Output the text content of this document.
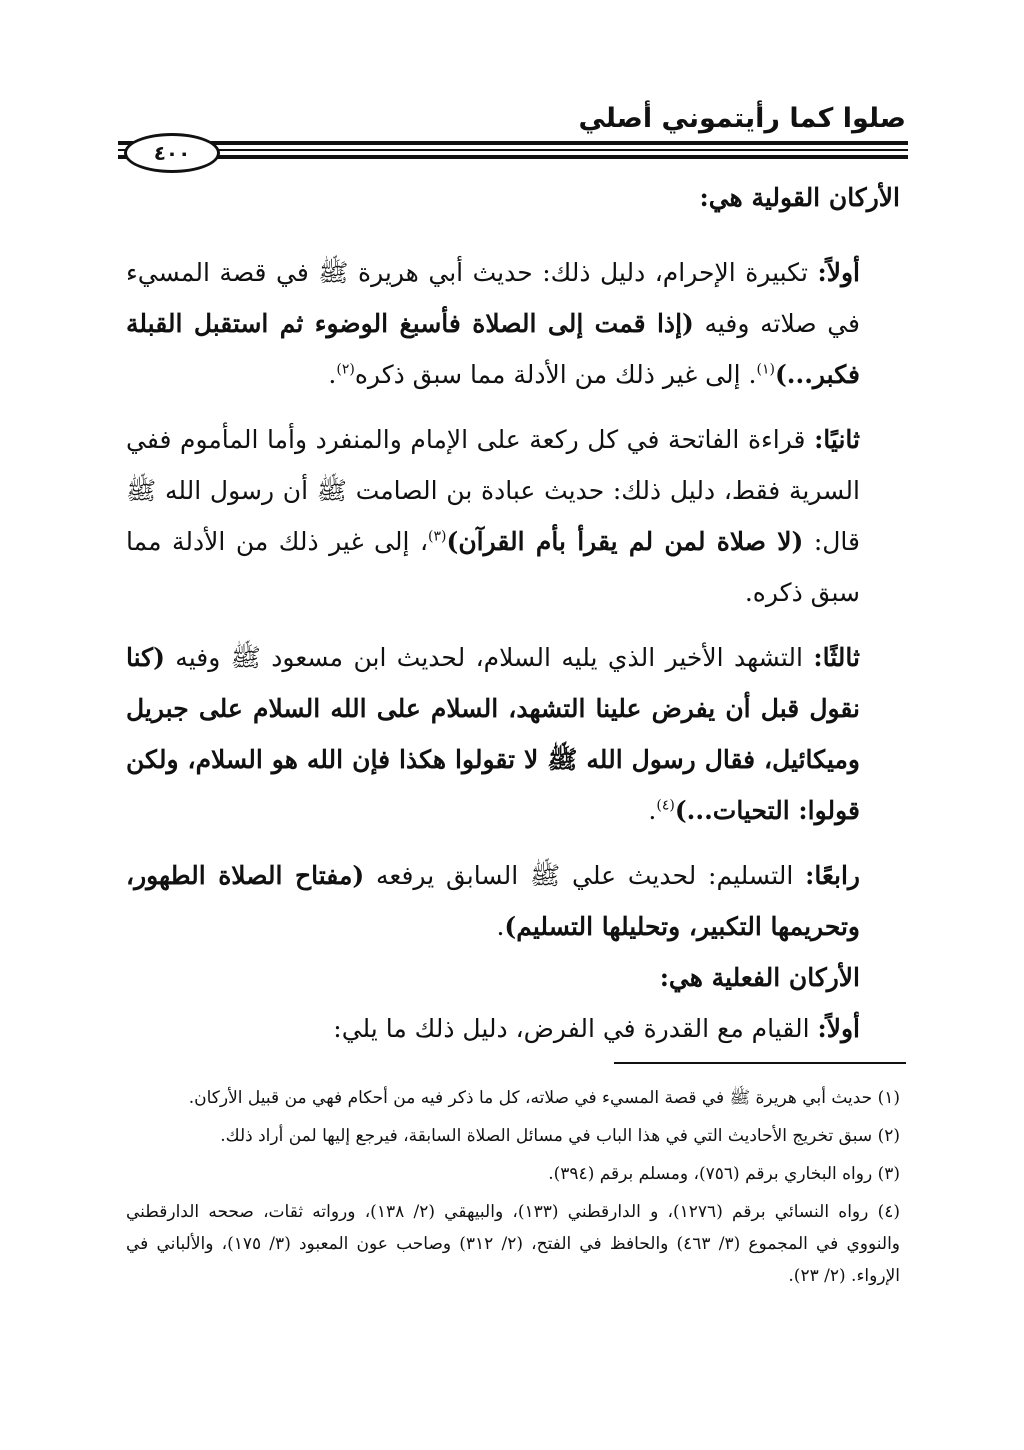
صلوا كما رأيتموني أصلي
٤٠٠

الأركان القولية هي:

أولاً: تكبيرة الإحرام، دليل ذلك: حديث أبي هريرة ﷺ في قصة المسيء في صلاته وفيه (إذا قمت إلى الصلاة فأسبغ الوضوء ثم استقبل القبلة فكبر...)$^{(١)}$. إلى غير ذلك من الأدلة مما سبق ذكره$^{(٢)}$.

ثانيًا: قراءة الفاتحة في كل ركعة على الإمام والمنفرد وأما المأموم ففي السرية فقط، دليل ذلك: حديث عبادة بن الصامت ﷺ أن رسول الله ﷺ قال: (لا صلاة لمن لم يقرأ بأم القرآن)$^{(٣)}$، إلى غير ذلك من الأدلة مما سبق ذكره.

ثالثًا: التشهد الأخير الذي يليه السلام، لحديث ابن مسعود ﷺ وفيه (كنا نقول قبل أن يفرض علينا التشهد، السلام على الله السلام على جبريل وميكائيل، فقال رسول الله ﷺ لا تقولوا هكذا فإن الله هو السلام، ولكن قولوا: التحيات...)$^{(٤)}$.

رابعًا: التسليم: لحديث علي ﷺ السابق يرفعه (مفتاح الصلاة الطهور، وتحريمها التكبير، وتحليلها التسليم).

الأركان الفعلية هي:

أولاً: القيام مع القدرة في الفرض، دليل ذلك ما يلي:

(١) حديث أبي هريرة ﷺ في قصة المسيء في صلاته، كل ما ذكر فيه من أحكام فهي من قبيل الأركان.

(٢) سبق تخريج الأحاديث التي في هذا الباب في مسائل الصلاة السابقة، فيرجع إليها لمن أراد ذلك.

(٣) رواه البخاري برقم (٧٥٦)، ومسلم برقم (٣٩٤).

(٤) رواه النسائي برقم (١٢٧٦)، و الدارقطني (١٣٣)، والبيهقي (٢/ ١٣٨)، ورواته ثقات، صححه الدارقطني والنووي في المجموع (٣/ ٤٦٣) والحافظ في الفتح، (٢/ ٣١٢) وصاحب عون المعبود (٣/ ١٧٥)، والألباني في الإرواء. (٢/ ٢٣).
